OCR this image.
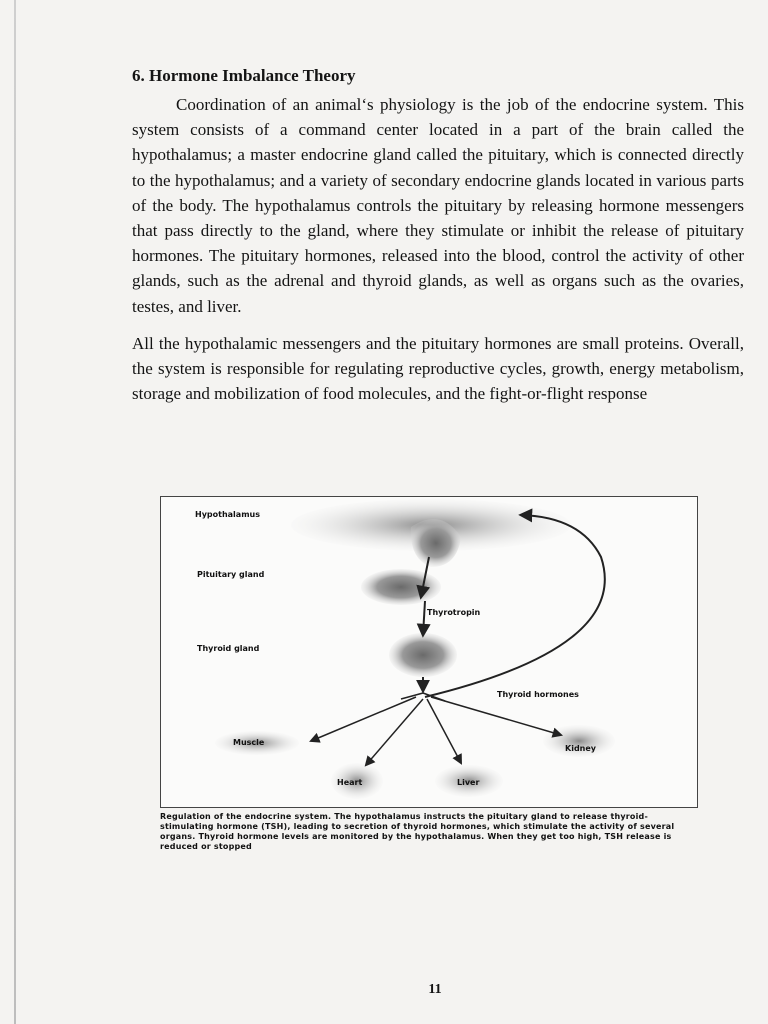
6. Hormone Imbalance Theory

Coordination of an animal‘s physiology is the job of the endocrine system. This system consists of a command center located in a part of the brain called the hypothalamus; a master endocrine gland called the pituitary, which is connected directly to the hypothalamus; and a variety of secondary endocrine glands located in various parts of the body. The hypothalamus controls the pituitary by releasing hormone messengers that pass directly to the gland, where they stimulate or inhibit the release of pituitary hormones. The pituitary hormones, released into the blood, control the activity of other glands, such as the adrenal and thyroid glands, as well as organs such as the ovaries, testes, and liver.

All the hypothalamic messengers and the pituitary hormones are small proteins. Overall, the system is responsible for regulating reproductive cycles, growth, energy metabolism, storage and mobilization of food molecules, and the fight-or-flight response

Hypothalamus
Pituitary gland
Thyrotropin
Thyroid gland
Thyroid hormones
Muscle
Kidney
Heart	Liver
Regulation of the endocrine system. The hypothalamus instructs the pituitary gland to release thyroid-stimulating hormone (TSH), leading to secretion of thyroid hormones, which stimulate the activity of several organs. Thyroid hormone levels are monitored by the hypothalamus. When they get too high, TSH release is reduced or stopped
11
